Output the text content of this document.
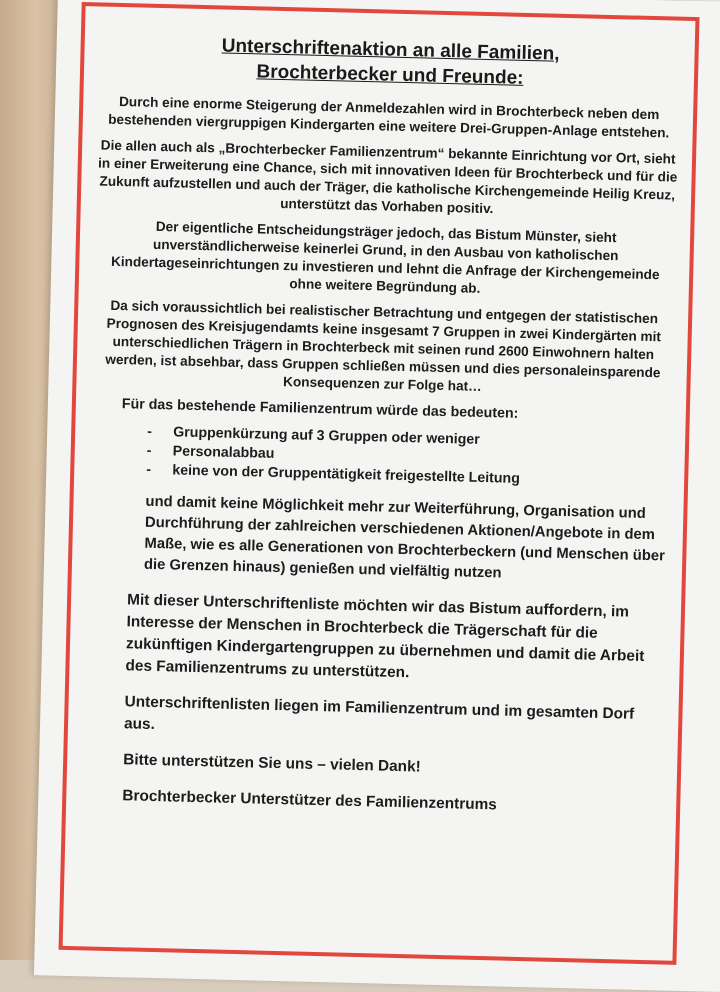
Unterschriftenaktion an alle Familien,
Brochterbecker und Freunde:

Durch eine enorme Steigerung der Anmeldezahlen wird in Brochterbeck neben dem bestehenden viergruppigen Kindergarten eine weitere Drei-Gruppen-Anlage entstehen.

Die allen auch als „Brochterbecker Familienzentrum“ bekannte Einrichtung vor Ort, sieht in einer Erweiterung eine Chance, sich mit innovativen Ideen für Brochterbeck und für die Zukunft aufzustellen und auch der Träger, die katholische Kirchengemeinde Heilig Kreuz, unterstützt das Vorhaben positiv.

Der eigentliche Entscheidungsträger jedoch, das Bistum Münster, sieht unverständlicherweise keinerlei Grund, in den Ausbau von katholischen Kindertageseinrichtungen zu investieren und lehnt die Anfrage der Kirchengemeinde ohne weitere Begründung ab.

Da sich voraussichtlich bei realistischer Betrachtung und entgegen der statistischen Prognosen des Kreisjugendamts keine insgesamt 7 Gruppen in zwei Kindergärten mit unterschiedlichen Trägern in Brochterbeck mit seinen rund 2600 Einwohnern halten werden, ist absehbar, dass Gruppen schließen müssen und dies personaleinsparende Konsequenzen zur Folge hat…

Für das bestehende Familienzentrum würde das bedeuten:

- Gruppenkürzung auf 3 Gruppen oder weniger
- Personalabbau
- keine von der Gruppentätigkeit freigestellte Leitung

und damit keine Möglichkeit mehr zur Weiterführung, Organisation und Durchführung der zahlreichen verschiedenen Aktionen/Angebote in dem Maße, wie es alle Generationen von Brochterbeckern (und Menschen über die Grenzen hinaus) genießen und vielfältig nutzen

Mit dieser Unterschriftenliste möchten wir das Bistum auffordern, im Interesse der Menschen in Brochterbeck die Trägerschaft für die zukünftigen Kindergartengruppen zu übernehmen und damit die Arbeit des Familienzentrums zu unterstützen.

Unterschriftenlisten liegen im Familienzentrum und im gesamten Dorf aus.

Bitte unterstützen Sie uns – vielen Dank!

Brochterbecker Unterstützer des Familienzentrums
